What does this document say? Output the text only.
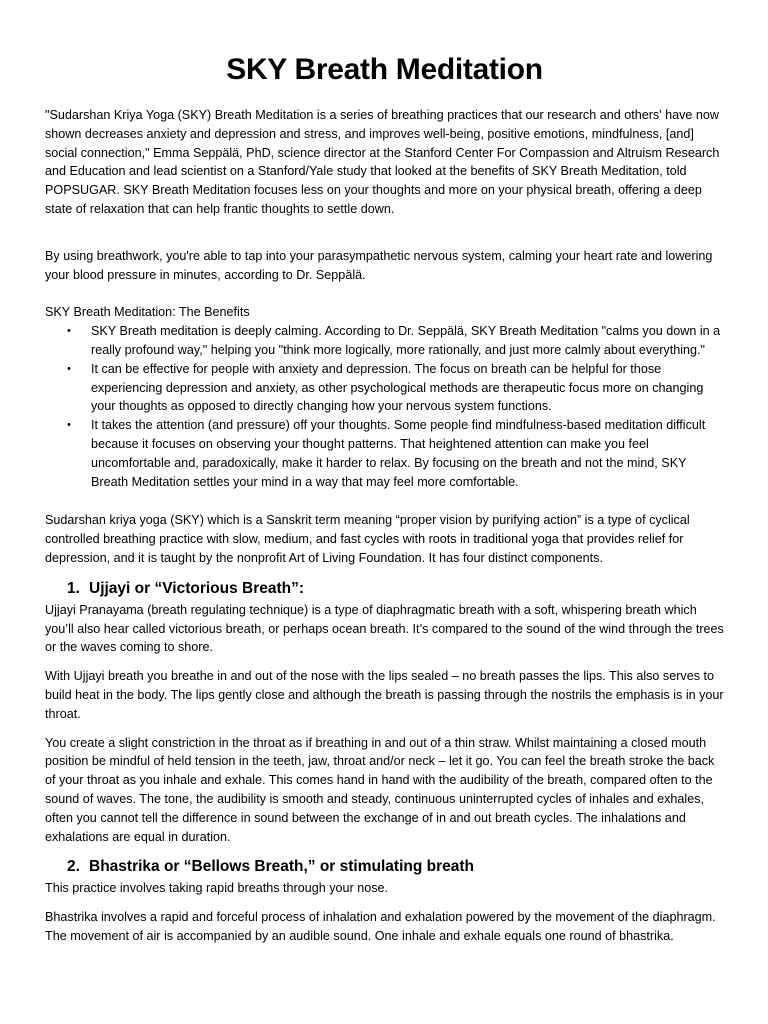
SKY Breath Meditation

"Sudarshan Kriya Yoga (SKY) Breath Meditation is a series of breathing practices that our research and others' have now shown decreases anxiety and depression and stress, and improves well-being, positive emotions, mindfulness, [and] social connection," Emma Seppälä, PhD, science director at the Stanford Center For Compassion and Altruism Research and Education and lead scientist on a Stanford/Yale study that looked at the benefits of SKY Breath Meditation, told POPSUGAR. SKY Breath Meditation focuses less on your thoughts and more on your physical breath, offering a deep state of relaxation that can help frantic thoughts to settle down.

By using breathwork, you're able to tap into your parasympathetic nervous system, calming your heart rate and lowering your blood pressure in minutes, according to Dr. Seppälä.

SKY Breath Meditation: The Benefits

• SKY Breath meditation is deeply calming. According to Dr. Seppälä, SKY Breath Meditation "calms you down in a really profound way," helping you "think more logically, more rationally, and just more calmly about everything."
• It can be effective for people with anxiety and depression. The focus on breath can be helpful for those experiencing depression and anxiety, as other psychological methods are therapeutic focus more on changing your thoughts as opposed to directly changing how your nervous system functions.
• It takes the attention (and pressure) off your thoughts. Some people find mindfulness-based meditation difficult because it focuses on observing your thought patterns. That heightened attention can make you feel uncomfortable and, paradoxically, make it harder to relax. By focusing on the breath and not the mind, SKY Breath Meditation settles your mind in a way that may feel more comfortable.

Sudarshan kriya yoga (SKY) which is a Sanskrit term meaning “proper vision by purifying action” is a type of cyclical controlled breathing practice with slow, medium, and fast cycles with roots in traditional yoga that provides relief for depression, and it is taught by the nonprofit Art of Living Foundation. It has four distinct components.

1. Ujjayi or “Victorious Breath”:

Ujjayi Pranayama (breath regulating technique) is a type of diaphragmatic breath with a soft, whispering breath which you’ll also hear called victorious breath, or perhaps ocean breath. It’s compared to the sound of the wind through the trees or the waves coming to shore.

With Ujjayi breath you breathe in and out of the nose with the lips sealed – no breath passes the lips. This also serves to build heat in the body. The lips gently close and although the breath is passing through the nostrils the emphasis is in your throat.

You create a slight constriction in the throat as if breathing in and out of a thin straw. Whilst maintaining a closed mouth position be mindful of held tension in the teeth, jaw, throat and/or neck – let it go. You can feel the breath stroke the back of your throat as you inhale and exhale. This comes hand in hand with the audibility of the breath, compared often to the sound of waves. The tone, the audibility is smooth and steady, continuous uninterrupted cycles of inhales and exhales, often you cannot tell the difference in sound between the exchange of in and out breath cycles. The inhalations and exhalations are equal in duration.

2. Bhastrika or “Bellows Breath,” or stimulating breath

This practice involves taking rapid breaths through your nose.

Bhastrika involves a rapid and forceful process of inhalation and exhalation powered by the movement of the diaphragm. The movement of air is accompanied by an audible sound. One inhale and exhale equals one round of bhastrika.
